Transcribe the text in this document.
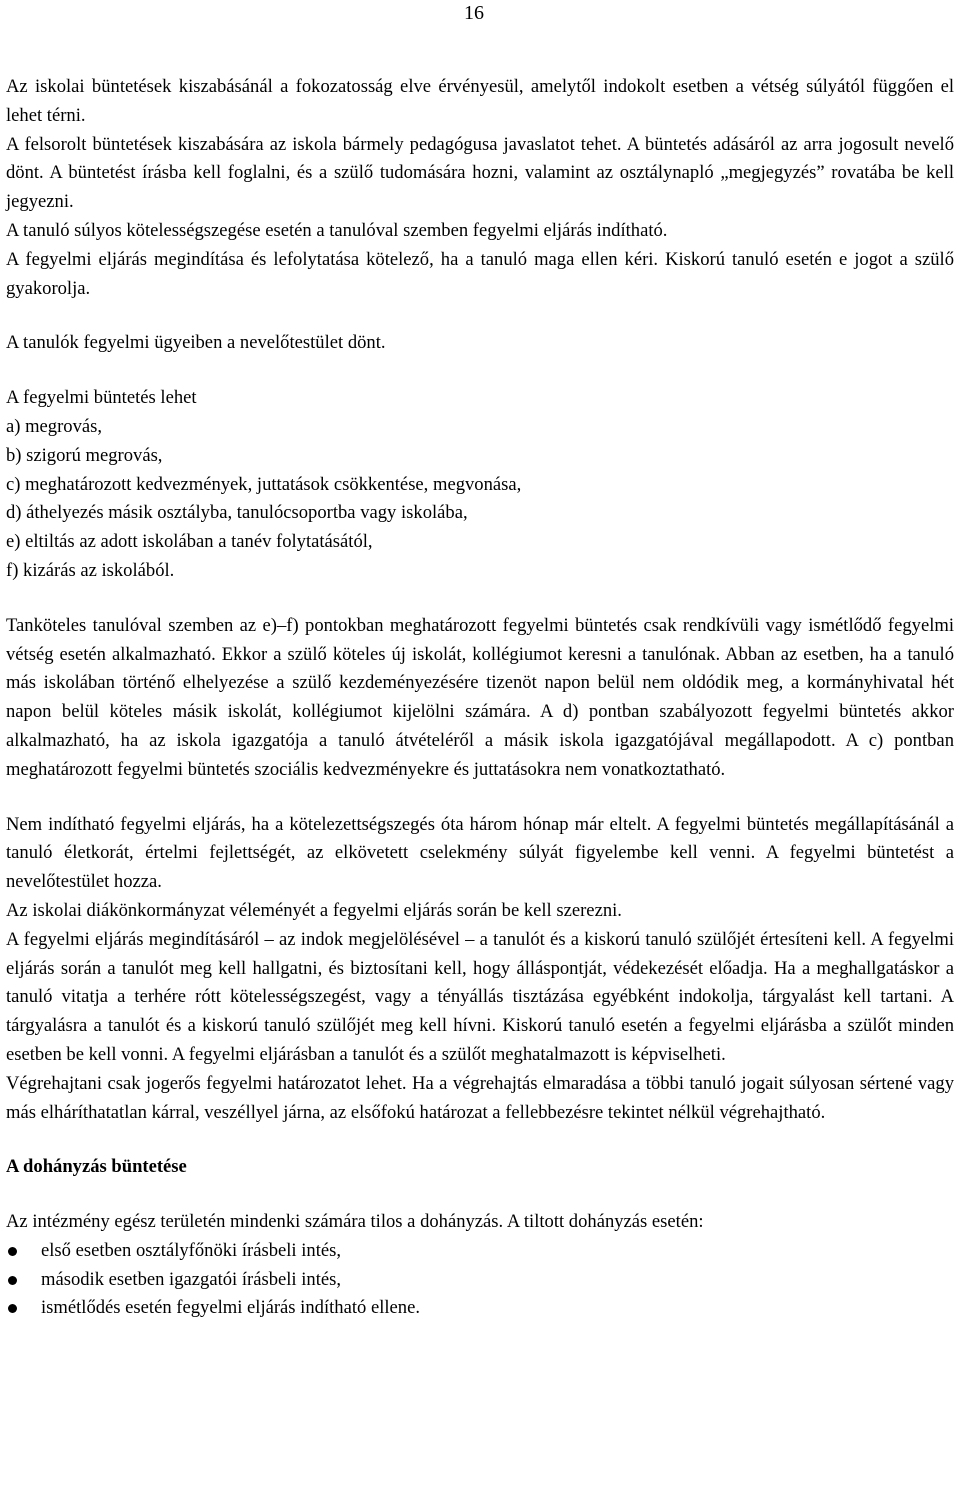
16

Az iskolai büntetések kiszabásánál a fokozatosság elve érvényesül, amelytől indokolt esetben a vétség súlyától függően el lehet térni.

A felsorolt büntetések kiszabására az iskola bármely pedagógusa javaslatot tehet. A büntetés adásáról az arra jogosult nevelő dönt. A büntetést írásba kell foglalni, és a szülő tudomására hozni, valamint az osztálynapló „megjegyzés” rovatába be kell jegyezni.

A tanuló súlyos kötelességszegése esetén a tanulóval szemben fegyelmi eljárás indítható.

A fegyelmi eljárás megindítása és lefolytatása kötelező, ha a tanuló maga ellen kéri. Kiskorú tanuló esetén e jogot a szülő gyakorolja.

A tanulók fegyelmi ügyeiben a nevelőtestület dönt.

A fegyelmi büntetés lehet

a) megrovás,

b) szigorú megrovás,

c) meghatározott kedvezmények, juttatások csökkentése, megvonása,

d) áthelyezés másik osztályba, tanulócsoportba vagy iskolába,

e) eltiltás az adott iskolában a tanév folytatásától,

f) kizárás az iskolából.

Tanköteles tanulóval szemben az e)–f) pontokban meghatározott fegyelmi büntetés csak rendkívüli vagy ismétlődő fegyelmi vétség esetén alkalmazható. Ekkor a szülő köteles új iskolát, kollégiumot keresni a tanulónak. Abban az esetben, ha a tanuló más iskolában történő elhelyezése a szülő kezdeményezésére tizenöt napon belül nem oldódik meg, a kormányhivatal hét napon belül köteles másik iskolát, kollégiumot kijelölni számára. A d) pontban szabályozott fegyelmi büntetés akkor alkalmazható, ha az iskola igazgatója a tanuló átvételéről a másik iskola igazgatójával megállapodott. A c) pontban meghatározott fegyelmi büntetés szociális kedvezményekre és juttatásokra nem vonatkoztatható.

Nem indítható fegyelmi eljárás, ha a kötelezettségszegés óta három hónap már eltelt. A fegyelmi büntetés megállapításánál a tanuló életkorát, értelmi fejlettségét, az elkövetett cselekmény súlyát figyelembe kell venni. A fegyelmi büntetést a nevelőtestület hozza.

Az iskolai diákönkormányzat véleményét a fegyelmi eljárás során be kell szerezni.

A fegyelmi eljárás megindításáról – az indok megjelölésével – a tanulót és a kiskorú tanuló szülőjét értesíteni kell. A fegyelmi eljárás során a tanulót meg kell hallgatni, és biztosítani kell, hogy álláspontját, védekezését előadja. Ha a meghallgatáskor a tanuló vitatja a terhére rótt kötelességszegést, vagy a tényállás tisztázása egyébként indokolja, tárgyalást kell tartani. A tárgyalásra a tanulót és a kiskorú tanuló szülőjét meg kell hívni. Kiskorú tanuló esetén a fegyelmi eljárásba a szülőt minden esetben be kell vonni. A fegyelmi eljárásban a tanulót és a szülőt meghatalmazott is képviselheti.

Végrehajtani csak jogerős fegyelmi határozatot lehet. Ha a végrehajtás elmaradása a többi tanuló jogait súlyosan sértené vagy más elháríthatatlan kárral, veszéllyel járna, az elsőfokú határozat a fellebbezésre tekintet nélkül végrehajtható.

A dohányzás büntetése

Az intézmény egész területén mindenki számára tilos a dohányzás. A tiltott dohányzás esetén:

első esetben osztályfőnöki írásbeli intés,
második esetben igazgatói írásbeli intés,
ismétlődés esetén fegyelmi eljárás indítható ellene.
